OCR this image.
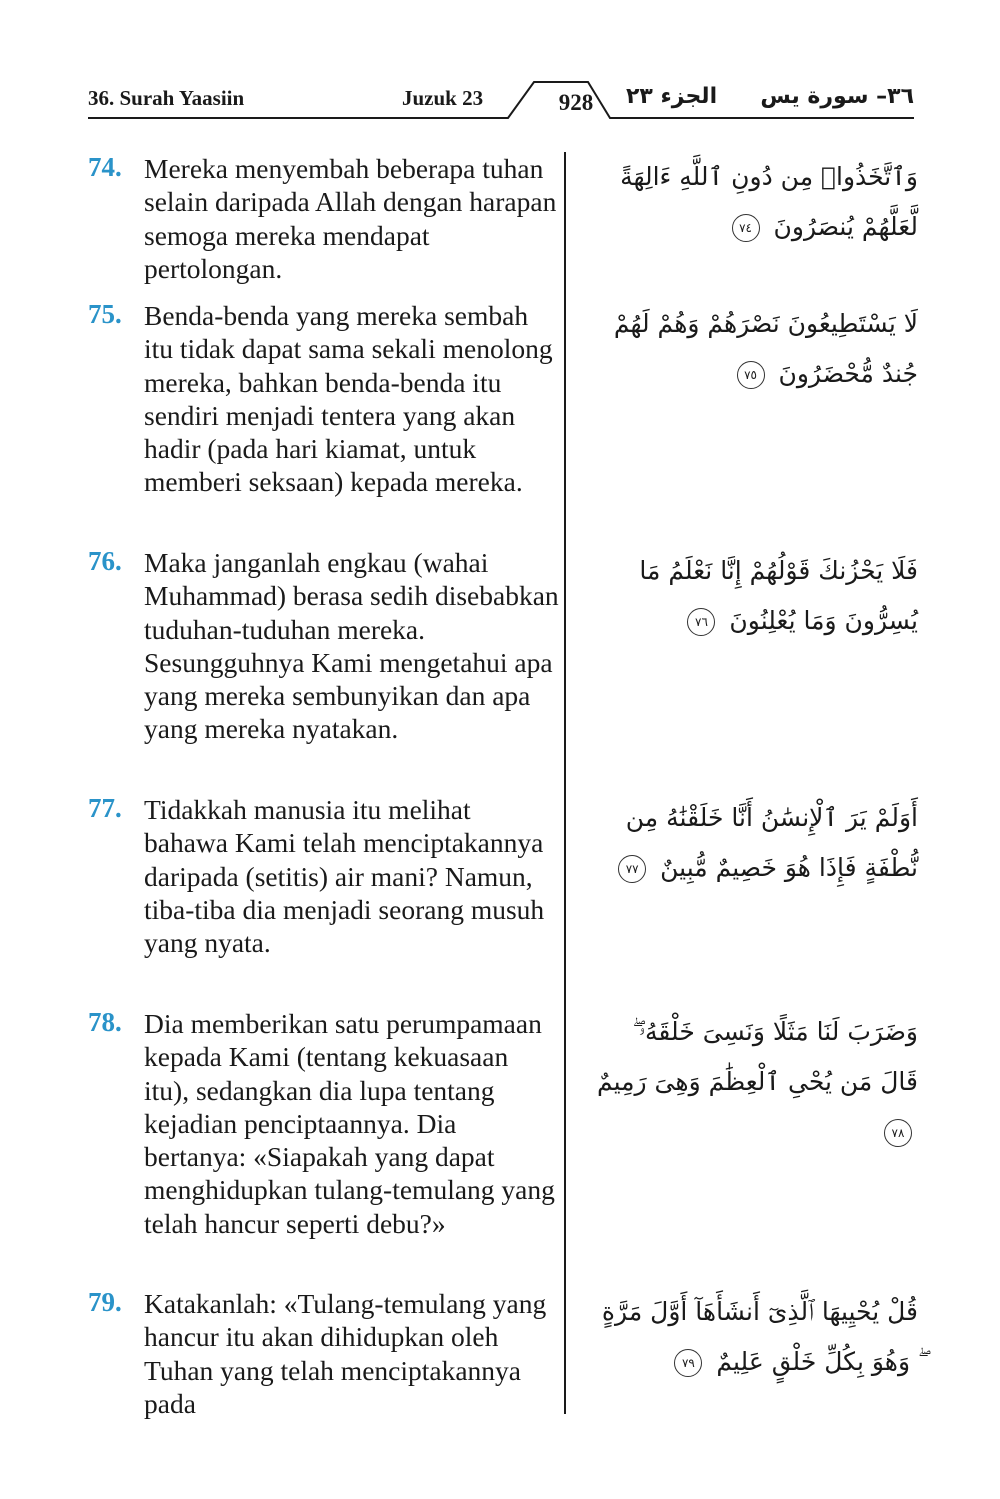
36. Surah Yaasiin	Juzuk 23	928	الجزء ٢٣ ٣٦– سورة يس
74. Mereka menyembah beberapa tuhan selain daripada Allah dengan harapan semoga mereka mendapat pertolongan.
وَٱتَّخَذُوا۟ مِن دُونِ ٱللَّهِ ءَالِهَةً لَّعَلَّهُمْ يُنصَرُونَ ٧٤
75. Benda-benda yang mereka sembah itu tidak dapat sama sekali menolong mereka, bahkan benda-benda itu sendiri menjadi tentera yang akan hadir (pada hari kiamat, untuk memberi seksaan) kepada mereka.
لَا يَسْتَطِيعُونَ نَصْرَهُمْ وَهُمْ لَهُمْ جُندٌ مُّحْضَرُونَ ٧٥
76. Maka janganlah engkau (wahai Muhammad) berasa sedih disebabkan tuduhan-tuduhan mereka. Sesungguhnya Kami mengetahui apa yang mereka sembunyikan dan apa yang mereka nyatakan.
فَلَا يَحْزُنكَ قَوْلُهُمْ إِنَّا نَعْلَمُ مَا يُسِرُّونَ وَمَا يُعْلِنُونَ ٧٦
77. Tidakkah manusia itu melihat bahawa Kami telah menciptakannya daripada (setitis) air mani? Namun, tiba-tiba dia menjadi seorang musuh yang nyata.
أَوَلَمْ يَرَ ٱلْإِنسَٰنُ أَنَّا خَلَقْنَٰهُ مِن نُّطْفَةٍ فَإِذَا هُوَ خَصِيمٌ مُّبِينٌ ٧٧
78. Dia memberikan satu perumpamaan kepada Kami (tentang kekuasaan itu), sedangkan dia lupa tentang kejadian penciptaannya. Dia bertanya: «Siapakah yang dapat menghidupkan tulang-temulang yang telah hancur seperti debu?»
وَضَرَبَ لَنَا مَثَلًا وَنَسِىَ خَلْقَهُۥ ۖ قَالَ مَن يُحْىِ ٱلْعِظَٰمَ وَهِىَ رَمِيمٌ ٧٨
79. Katakanlah: «Tulang-temulang yang hancur itu akan dihidupkan oleh Tuhan yang telah menciptakannya pada
قُلْ يُحْيِيهَا ٱلَّذِىٓ أَنشَأَهَآ أَوَّلَ مَرَّةٍ ۖ وَهُوَ بِكُلِّ خَلْقٍ عَلِيمٌ ٧٩
